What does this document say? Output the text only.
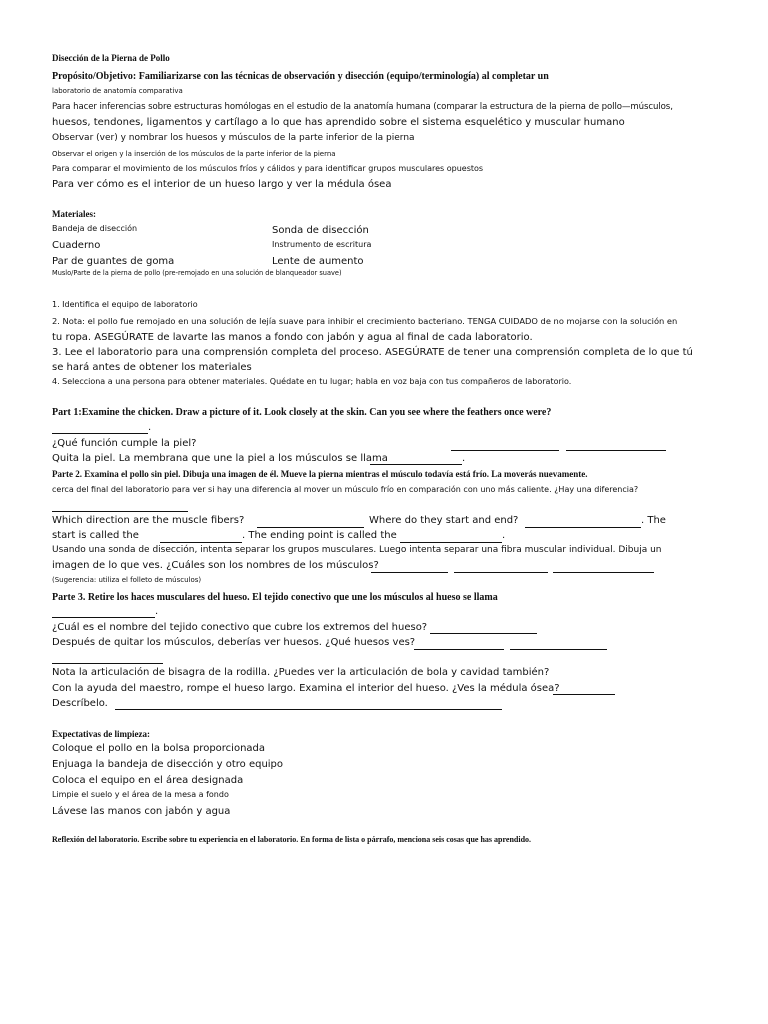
Disección de la Pierna de Pollo
Propósito/Objetivo: Familiarizarse con las técnicas de observación y disección (equipo/terminología) al completar un
laboratorio de anatomía comparativa
Para hacer inferencias sobre estructuras homólogas en el estudio de la anatomía humana (comparar la estructura de la pierna de pollo—músculos,
huesos, tendones, ligamentos y cartílago a lo que has aprendido sobre el sistema esquelético y muscular humano
Observar (ver) y nombrar los huesos y músculos de la parte inferior de la pierna
Observar el origen y la inserción de los músculos de la parte inferior de la pierna
Para comparar el movimiento de los músculos fríos y cálidos y para identificar grupos musculares opuestos
Para ver cómo es el interior de un hueso largo y ver la médula ósea
Materiales:
Bandeja de disección	Sonda de disección
Cuaderno	Instrumento de escritura
Par de guantes de goma	Lente de aumento
Muslo/Parte de la pierna de pollo (pre-remojado en una solución de blanqueador suave)
1. Identifica el equipo de laboratorio
2. Nota: el pollo fue remojado en una solución de lejía suave para inhibir el crecimiento bacteriano. TENGA CUIDADO de no mojarse con la solución en
tu ropa. ASEGÚRATE de lavarte las manos a fondo con jabón y agua al final de cada laboratorio.
3. Lee el laboratorio para una comprensión completa del proceso. ASEGÚRATE de tener una comprensión completa de lo que tú
se hará antes de obtener los materiales
4. Selecciona a una persona para obtener materiales. Quédate en tu lugar; habla en voz baja con tus compañeros de laboratorio.
Part 1:Examine the chicken. Draw a picture of it. Look closely at the skin. Can you see where the feathers once were?
.
¿Qué función cumple la piel?
Quita la piel. La membrana que une la piel a los músculos se llama	.
Parte 2. Examina el pollo sin piel. Dibuja una imagen de él. Mueve la pierna mientras el músculo todavía está frío. La moverás nuevamente.
cerca del final del laboratorio para ver si hay una diferencia al mover un músculo frío en comparación con uno más caliente. ¿Hay una diferencia?
Which direction are the muscle fibers?	Where do they start and end?	. The
start is called the	. The ending point is called the	.
Usando una sonda de disección, intenta separar los grupos musculares. Luego intenta separar una fibra muscular individual. Dibuja un
imagen de lo que ves. ¿Cuáles son los nombres de los músculos?
(Sugerencia: utiliza el folleto de músculos)
Parte 3. Retire los haces musculares del hueso. El tejido conectivo que une los músculos al hueso se llama
.
¿Cuál es el nombre del tejido conectivo que cubre los extremos del hueso?
Después de quitar los músculos, deberías ver huesos. ¿Qué huesos ves?
Nota la articulación de bisagra de la rodilla. ¿Puedes ver la articulación de bola y cavidad también?
Con la ayuda del maestro, rompe el hueso largo. Examina el interior del hueso. ¿Ves la médula ósea?
Descríbelo.
Expectativas de limpieza:
Coloque el pollo en la bolsa proporcionada
Enjuaga la bandeja de disección y otro equipo
Coloca el equipo en el área designada
Limpie el suelo y el área de la mesa a fondo
Lávese las manos con jabón y agua
Reflexión del laboratorio. Escribe sobre tu experiencia en el laboratorio. En forma de lista o párrafo, menciona seis cosas que has aprendido.
